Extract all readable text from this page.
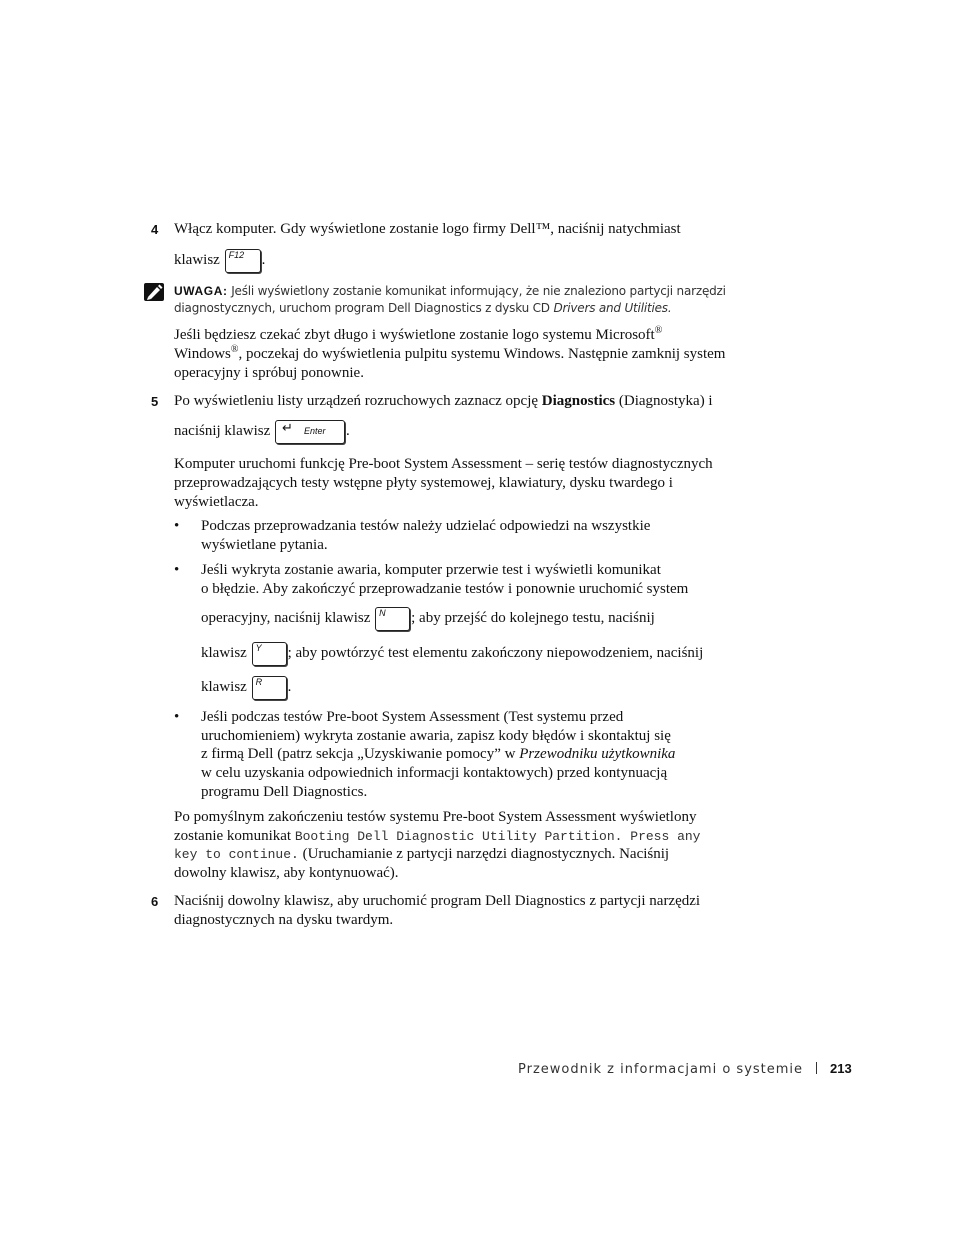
4 Włącz komputer. Gdy wyświetlone zostanie logo firmy Dell™, naciśnij natychmiast
klawisz F12 .
UWAGA: Jeśli wyświetlony zostanie komunikat informujący, że nie znaleziono partycji narzędzi diagnostycznych, uruchom program Dell Diagnostics z dysku CD Drivers and Utilities.
Jeśli będziesz czekać zbyt długo i wyświetlone zostanie logo systemu Microsoft®
Windows®, poczekaj do wyświetlenia pulpitu systemu Windows. Następnie zamknij system operacyjny i spróbuj ponownie.
5 Po wyświetleniu listy urządzeń rozruchowych zaznacz opcję Diagnostics (Diagnostyka) i
naciśnij klawisz ↵ Enter .
Komputer uruchomi funkcję Pre-boot System Assessment – serię testów diagnostycznych przeprowadzających testy wstępne płyty systemowej, klawiatury, dysku twardego i wyświetlacza.
• Podczas przeprowadzania testów należy udzielać odpowiedzi na wszystkie wyświetlane pytania.
• Jeśli wykryta zostanie awaria, komputer przerwie test i wyświetli komunikat
o błędzie. Aby zakończyć przeprowadzanie testów i ponownie uruchomić system
operacyjny, naciśnij klawisz N ; aby przejść do kolejnego testu, naciśnij
klawisz Y ; aby powtórzyć test elementu zakończony niepowodzeniem, naciśnij
klawisz R .
• Jeśli podczas testów Pre-boot System Assessment (Test systemu przed
uruchomieniem) wykryta zostanie awaria, zapisz kody błędów i skontaktuj się
z firmą Dell (patrz sekcja „Uzyskiwanie pomocy” w Przewodniku użytkownika
w celu uzyskania odpowiednich informacji kontaktowych) przed kontynuacją
programu Dell Diagnostics.
Po pomyślnym zakończeniu testów systemu Pre-boot System Assessment wyświetlony
zostanie komunikat Booting Dell Diagnostic Utility Partition. Press any
key to continue. (Uruchamianie z partycji narzędzi diagnostycznych. Naciśnij
dowolny klawisz, aby kontynuować).
6 Naciśnij dowolny klawisz, aby uruchomić program Dell Diagnostics z partycji narzędzi
diagnostycznych na dysku twardym.
Przewodnik z informacjami o systemie 213
